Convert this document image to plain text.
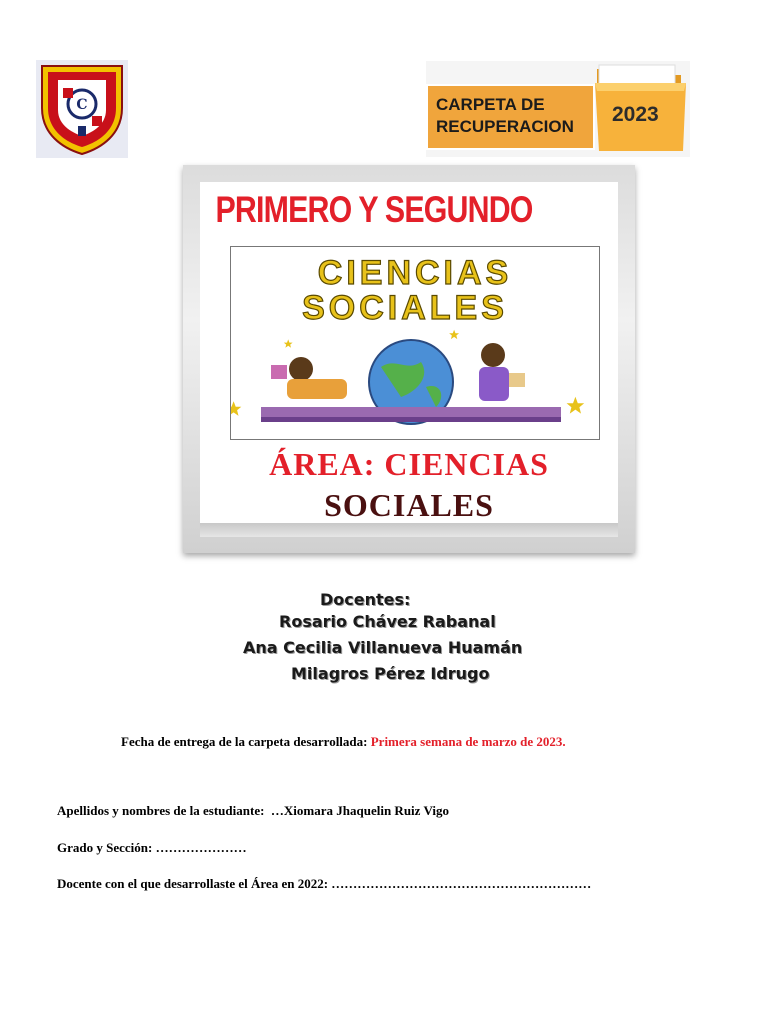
C	CARPETA DE
RECUPERACION
2023
PRIMERO Y SEGUNDO
CIENCIAS
SOCIALES
ÁREA: CIENCIAS
SOCIALES
Docentes:
Rosario Chávez Rabanal
Ana Cecilia Villanueva Huamán
Milagros Pérez Idrugo
Fecha de entrega de la carpeta desarrollada: Primera semana de marzo de 2023.
Apellidos y nombres de la estudiante: …Xiomara Jhaquelin Ruiz Vigo
Grado y Sección: …………………
Docente con el que desarrollaste el Área en 2022: ……………………………………………………
